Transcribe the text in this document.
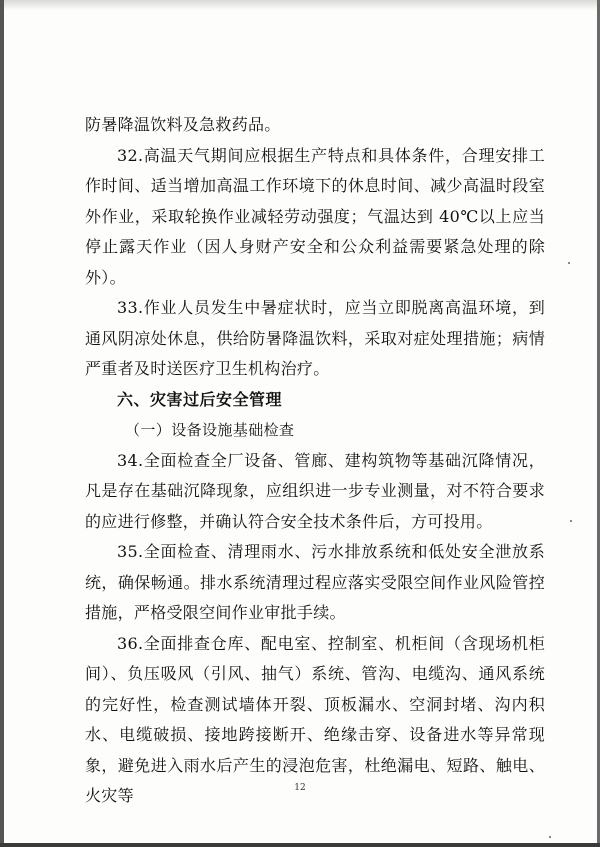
防暑降温饮料及急救药品。

32.高温天气期间应根据生产特点和具体条件，合理安排工作时间、适当增加高温工作环境下的休息时间、减少高温时段室外作业，采取轮换作业减轻劳动强度；气温达到 40℃以上应当停止露天作业（因人身财产安全和公众利益需要紧急处理的除外）。

33.作业人员发生中暑症状时，应当立即脱离高温环境，到通风阴凉处休息，供给防暑降温饮料，采取对症处理措施；病情严重者及时送医疗卫生机构治疗。

六、灾害过后安全管理

（一）设备设施基础检查

34.全面检查全厂设备、管廊、建构筑物等基础沉降情况，凡是存在基础沉降现象，应组织进一步专业测量，对不符合要求的应进行修整，并确认符合安全技术条件后，方可投用。

35.全面检查、清理雨水、污水排放系统和低处安全泄放系统，确保畅通。排水系统清理过程应落实受限空间作业风险管控措施，严格受限空间作业审批手续。

36.全面排查仓库、配电室、控制室、机柜间（含现场机柜间）、负压吸风（引风、抽气）系统、管沟、电缆沟、通风系统的完好性，检查测试墙体开裂、顶板漏水、空洞封堵、沟内积水、电缆破损、接地跨接断开、绝缘击穿、设备进水等异常现象，避免进入雨水后产生的浸泡危害，杜绝漏电、短路、触电、火灾等	12
